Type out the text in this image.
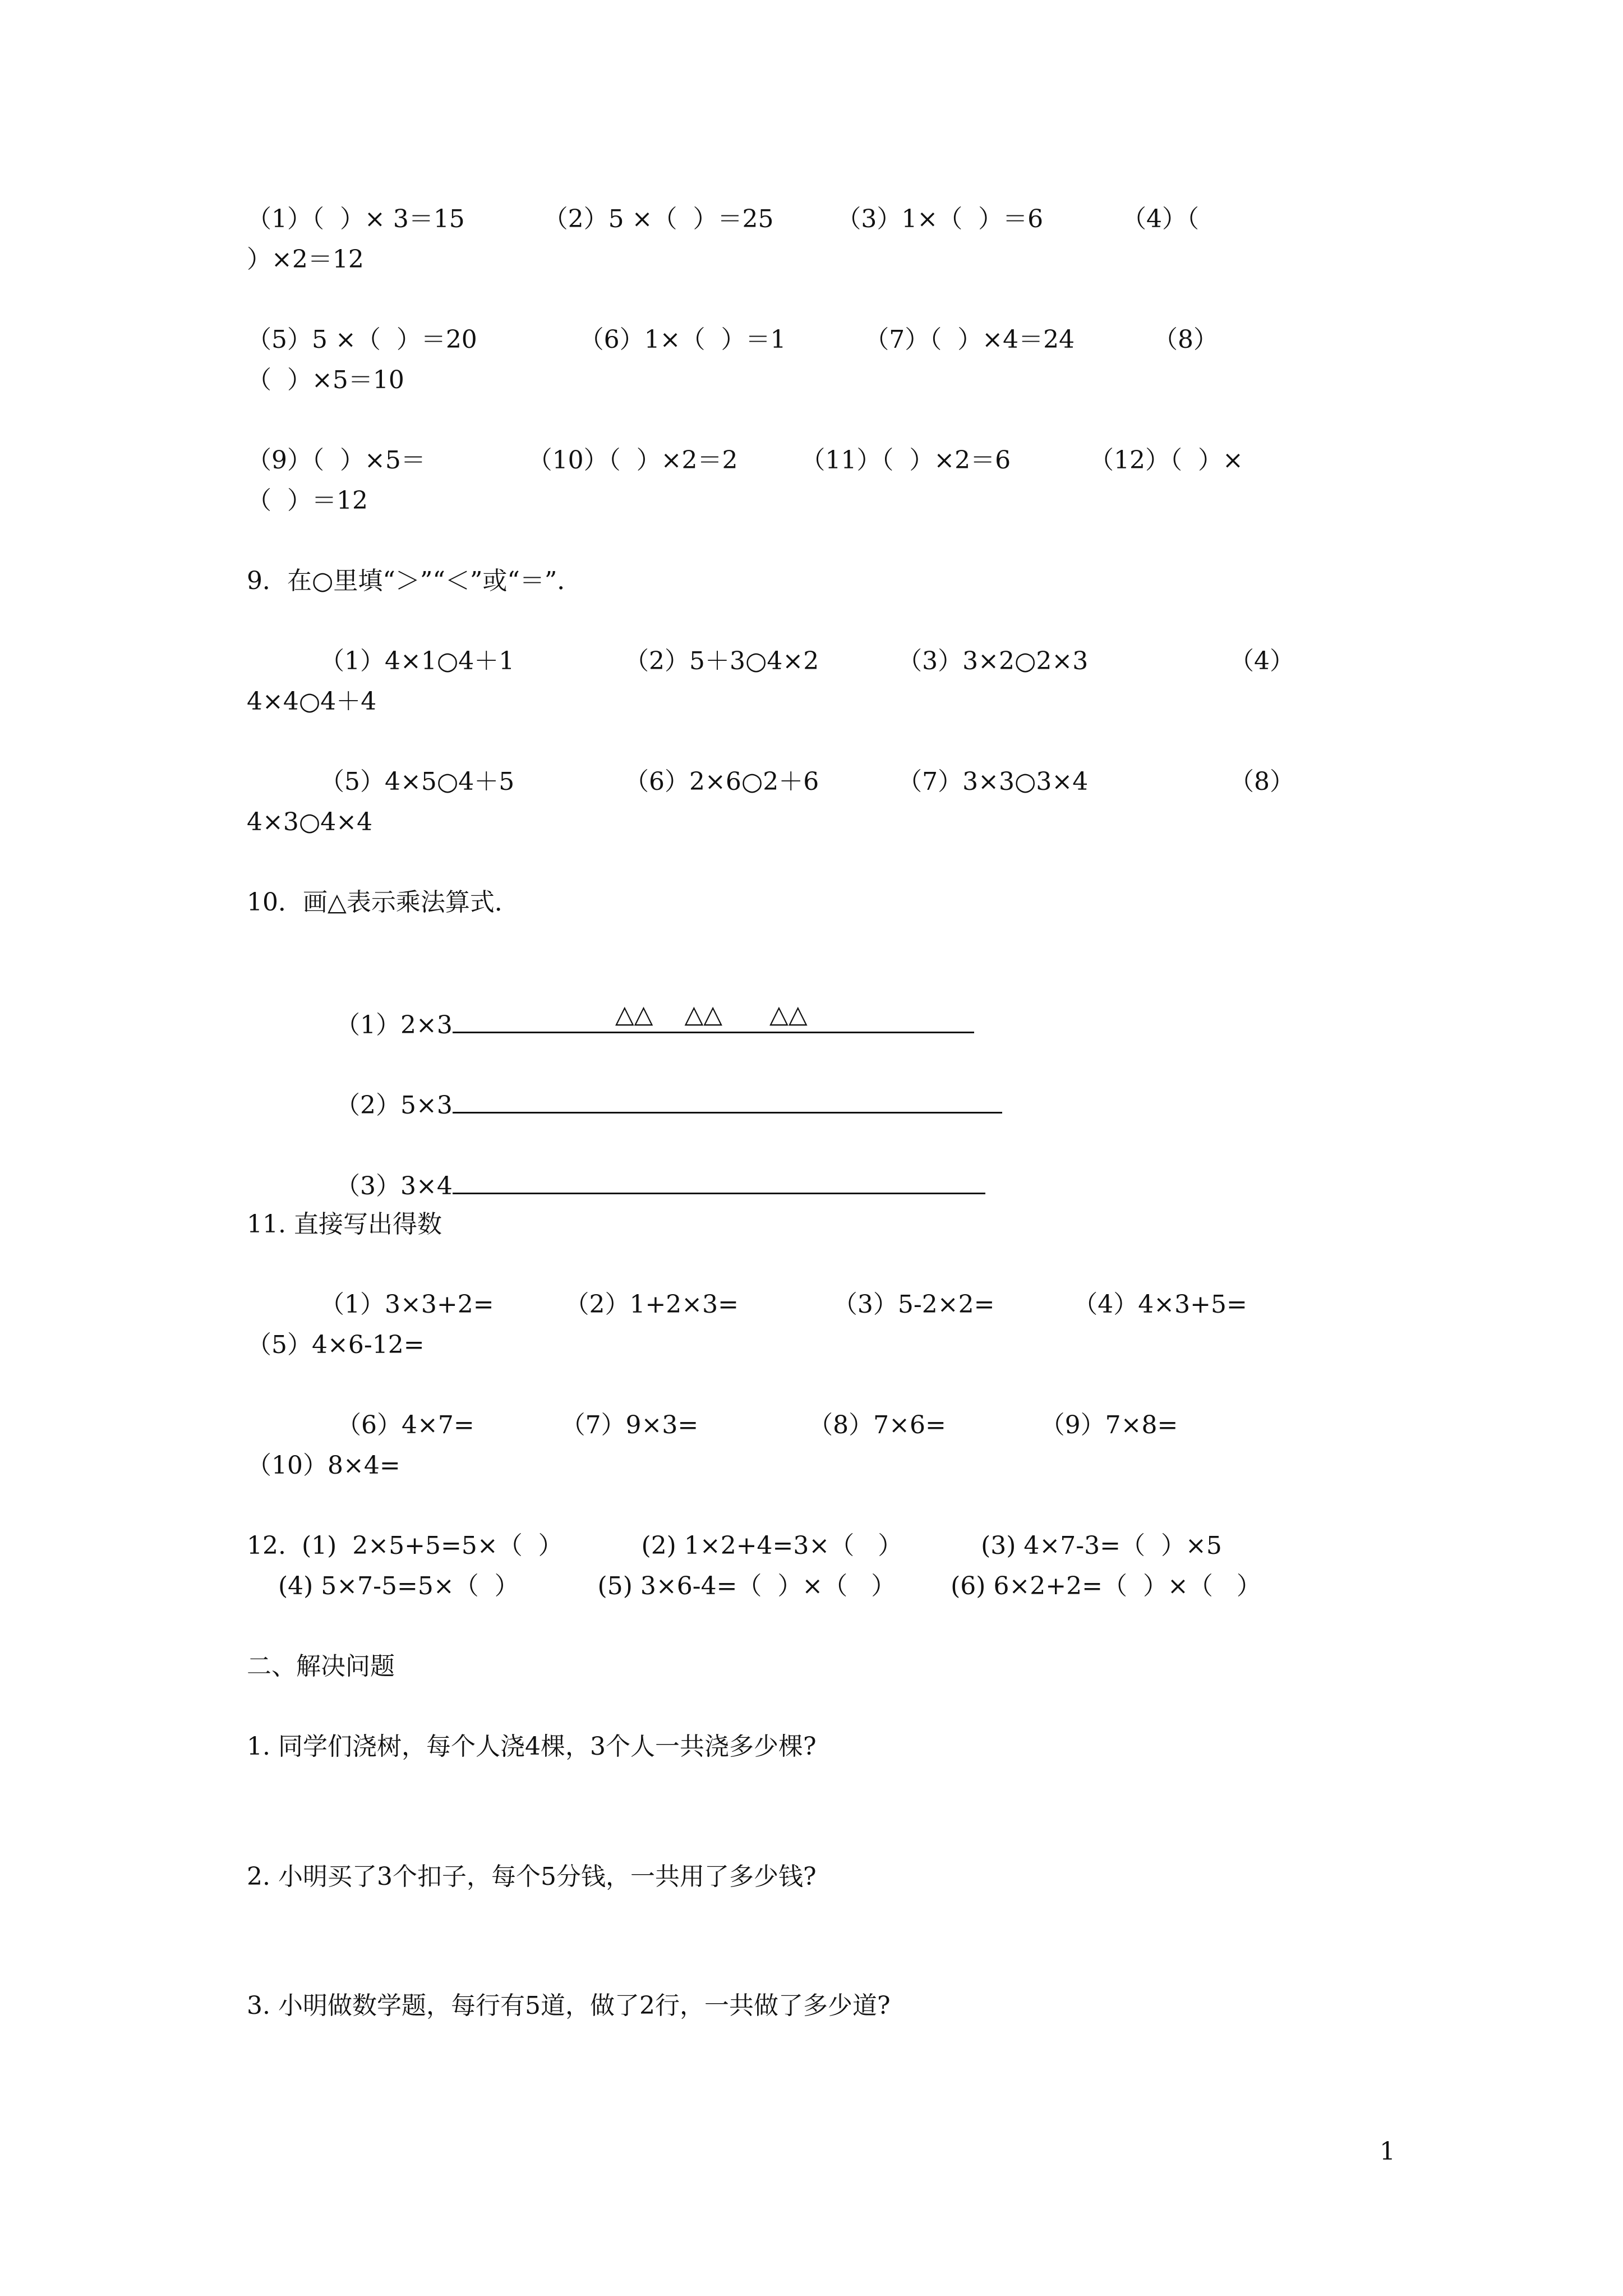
（1）（  ）× 3＝15          （2）5 ×（  ）＝25        （3）1×（  ）＝6          （4）（
）×2＝12
（5）5 ×（  ）＝20             （6）1×（  ）＝1          （7）（  ）×4＝24          （8）
（  ）×5＝10
（9）（  ）×5＝             （10）（  ）×2＝2        （11）（  ）×2＝6          （12）（  ）×
（  ）＝12
9．在○里填“＞”“＜”或“＝”．
（1）4×1○4＋1              （2）5＋3○4×2          （3）3×2○2×3                  （4）
4×4○4＋4
（5）4×5○4＋5              （6）2×6○2＋6          （7）3×3○3×4                  （8）
4×3○4×4
10．画△表示乘法算式．

（1）2×3	△△    △△      △△

（2）5×3

（3）3×4

11. 直接写出得数
（1）3×3+2=         （2）1+2×3=            （3）5-2×2=          （4）4×3+5=
（5）4×6-12=
（6）4×7=           （7）9×3=              （8）7×6=            （9）7×8=
（10）8×4=
12.  (1)  2×5+5=5×（  ）          (2) 1×2+4=3×（   ）          (3) 4×7-3=（  ）×5
(4) 5×7-5=5×（  ）          (5) 3×6-4=（  ）×（   ）       (6) 6×2+2=（  ）×（   ）
二、解决问题
1. 同学们浇树，每个人浇4棵，3个人一共浇多少棵?
2. 小明买了3个扣子，每个5分钱，一共用了多少钱?
3. 小明做数学题，每行有5道，做了2行，一共做了多少道?
1
